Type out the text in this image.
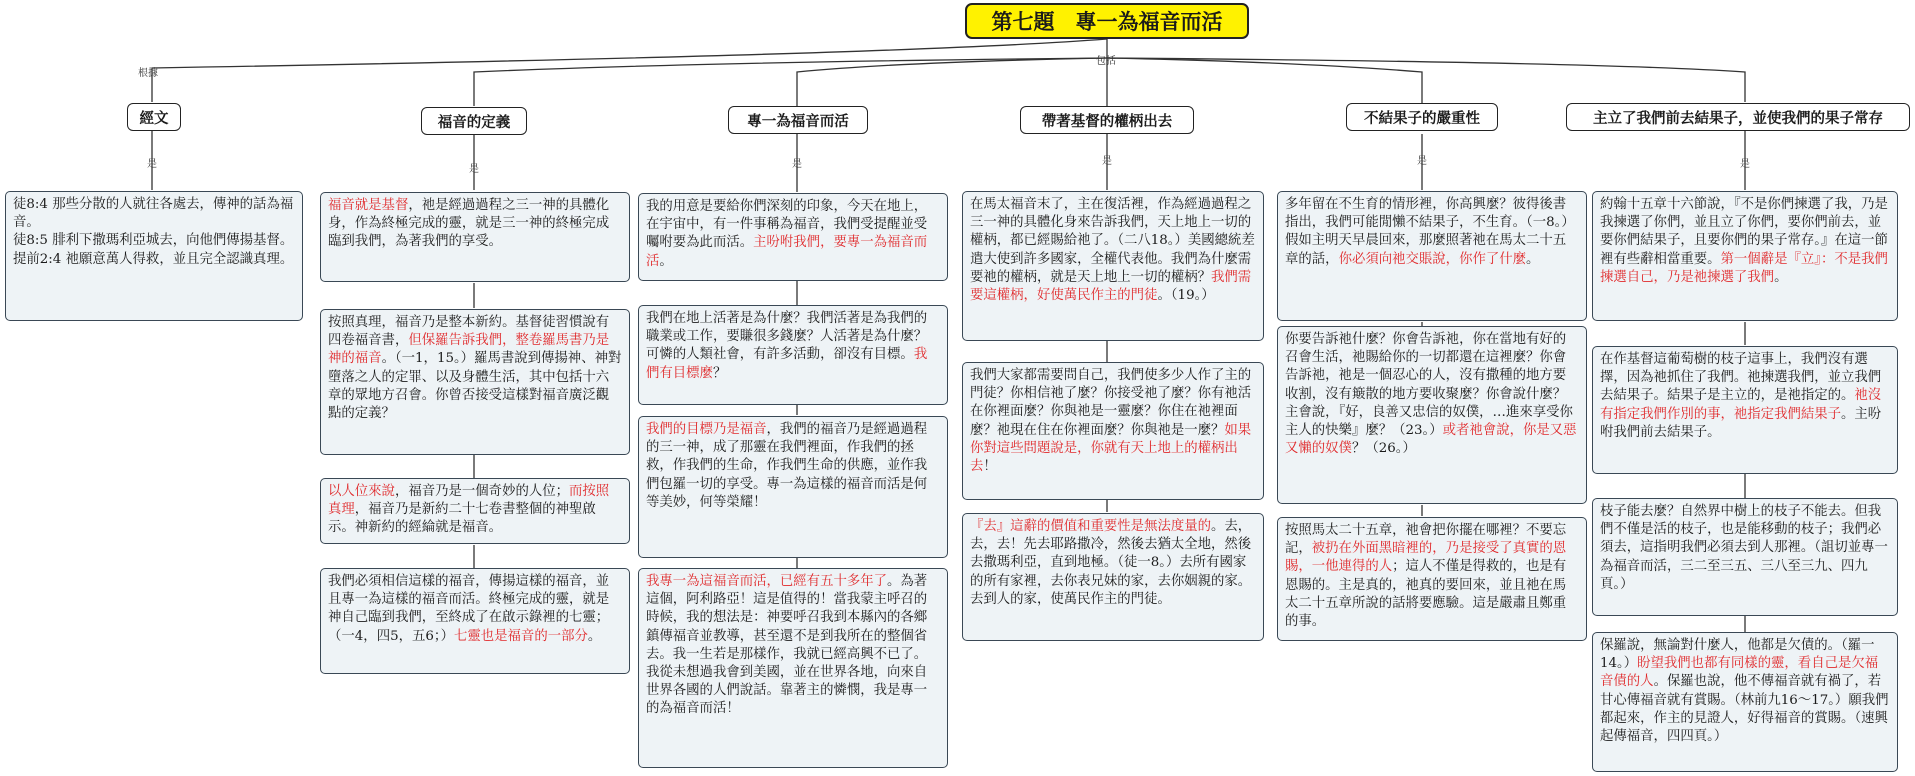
根據
包括
是	是	是	是	是	是
第七題　專一為福音而活
經文	福音的定義	專一為福音而活	帶著基督的權柄出去	不結果子的嚴重性	主立了我們前去結果子，並使我們的果子常存
徒8:4 那些分散的人就往各處去，傳神的話為福音。
徒8:5 腓利下撒瑪利亞城去，向他們傳揚基督。
提前2:4 祂願意萬人得救，並且完全認識真理。
福音就是基督，祂是經過過程之三一神的具體化身，作為終極完成的靈，就是三一神的終極完成臨到我們，為著我們的享受。
按照真理，福音乃是整本新約。基督徒習慣說有四卷福音書，但保羅告訴我們，整卷羅馬書乃是神的福音。（一1，15。）羅馬書說到傳揚神、神對墮落之人的定罪、以及身體生活，其中包括十六章的眾地方召會。你曾否接受這樣對福音廣泛觀點的定義？
以人位來說，福音乃是一個奇妙的人位；而按照真理，福音乃是新約二十七卷書整個的神聖啟示。神新約的經綸就是福音。
我們必須相信這樣的福音，傳揚這樣的福音，並且專一為這樣的福音而活。終極完成的靈，就是神自己臨到我們，至終成了在啟示錄裡的七靈；（一4，四5，五6；）七靈也是福音的一部分。
我的用意是要給你們深刻的印象，今天在地上，在宇宙中，有一件事稱為福音，我們受提醒並受囑咐要為此而活。主吩咐我們，要專一為福音而活。
我們在地上活著是為什麼？我們活著是為我們的職業或工作，要賺很多錢麼？人活著是為什麼？可憐的人類社會，有許多活動，卻沒有目標。我們有目標麼？
我們的目標乃是福音，我們的福音乃是經過過程的三一神，成了那靈在我們裡面，作我們的拯救，作我們的生命，作我們生命的供應，並作我們包羅一切的享受。專一為這樣的福音而活是何等美妙，何等榮耀！
我專一為這福音而活，已經有五十多年了。為著這個，阿利路亞！這是值得的！當我蒙主呼召的時候，我的想法是：神要呼召我到本縣內的各鄉鎮傳福音並教導，甚至還不是到我所在的整個省去。我一生若是那樣作，我就已經高興不已了。我從未想過我會到美國，並在世界各地，向來自世界各國的人們說話。靠著主的憐憫，我是專一的為福音而活！
在馬太福音末了，主在復活裡，作為經過過程之三一神的具體化身來告訴我們，天上地上一切的權柄，都已經賜給祂了。（二八18。）美國總統差遣大使到許多國家，全權代表他。我們為什麼需要祂的權柄，就是天上地上一切的權柄？我們需要這權柄，好使萬民作主的門徒。（19。）
我們大家都需要問自己，我們使多少人作了主的門徒？你相信祂了麼？你接受祂了麼？你有祂活在你裡面麼？你與祂是一靈麼？你住在祂裡面麼？祂現在住在你裡面麼？你與祂是一麼？如果你對這些問題說是，你就有天上地上的權柄出去！
『去』這辭的價值和重要性是無法度量的。去，去，去！先去耶路撒冷，然後去猶太全地，然後去撒瑪利亞，直到地極。（徒一8。）去所有國家的所有家裡，去你表兄妹的家，去你姻親的家。去到人的家，使萬民作主的門徒。
多年留在不生育的情形裡，你高興麼？彼得後書指出，我們可能閒懶不結果子，不生育。（一8。）假如主明天早晨回來，那麼照著祂在馬太二十五章的話，你必須向祂交賬說，你作了什麼。
你要告訴祂什麼？你會告訴祂，你在當地有好的召會生活，祂賜給你的一切都還在這裡麼？你會告訴祂，祂是一個忍心的人，沒有撒種的地方要收割，沒有簸散的地方要收聚麼？你會說什麼？主會說，『好，良善又忠信的奴僕，…進來享受你主人的快樂』麼？（23。）或者祂會說，你是又惡又懶的奴僕？（26。）
按照馬太二十五章，祂會把你擺在哪裡？不要忘記，被扔在外面黑暗裡的，乃是接受了真實的恩賜，一他連得的人；這人不僅是得救的，也是有恩賜的。主是真的，祂真的要回來，並且祂在馬太二十五章所說的話將要應驗。這是嚴肅且鄭重的事。
約翰十五章十六節說，『不是你們揀選了我，乃是我揀選了你們，並且立了你們，要你們前去，並要你們結果子，且要你們的果子常存。』在這一節裡有些辭相當重要。第一個辭是『立』：不是我們揀選自己，乃是祂揀選了我們。
在作基督這葡萄樹的枝子這事上，我們沒有選擇，因為祂抓住了我們。祂揀選我們，並立我們去結果子。結果子是主立的，是祂指定的。祂沒有指定我們作別的事，祂指定我們結果子。主吩咐我們前去結果子。
枝子能去麼？自然界中樹上的枝子不能去。但我們不僅是活的枝子，也是能移動的枝子；我們必須去，這指明我們必須去到人那裡。（詛切並專一為福音而活，三二至三五、三八至三九、四九頁。）
保羅說，無論對什麼人，他都是欠債的。（羅一14。）盼望我們也都有同樣的靈，看自己是欠福音債的人。保羅也說，他不傳福音就有禍了，若甘心傳福音就有賞賜。（林前九16～17。）願我們都起來，作主的見證人，好得福音的賞賜。（速興起傳福音，四四頁。）
